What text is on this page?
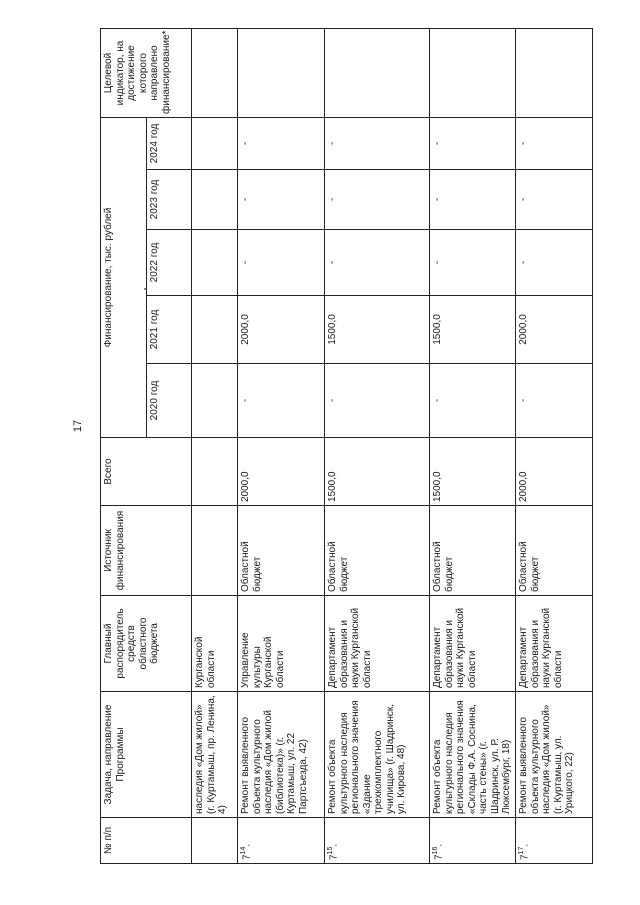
17
№ п/п	Задача, направление Программы	Главный распорядитель средств областного бюджета	Источник финансирования	Всего	Финансирование, тыс. рублей					Целевой индикатор, на достижение которого направлено финансирование*
					2020 год	2021 год	2022 год	2023 год	2024 год	
	наследия «Дом жилой» (г. Куртамыш, пр. Ленина, 4)	Курганской области								
$7^{14}$.	Ремонт выявленного объекта культурного наследия «Дом жилой (библиотека)» (г. Куртамыш, ул. 22 Партсъезда, 42)	Управление культуры Курганской области	Областной бюджет	2000,0	-	2000,0	-	-	-	
$7^{15}$.	Ремонт объекта культурного наследия регионального значения «Здание трехкомплектного училища» (г. Шадринск, ул. Кирова, 48)	Департамент образования и науки Курганской области	Областной бюджет	1500,0	-	1500,0	-	-	-	
$7^{16}$.	Ремонт объекта культурного наследия регионального значения «Склады Ф.А. Соснина, часть стены» (г. Шадринск, ул. Р. Люксембург, 18)	Департамент образования и науки Курганской области	Областной бюджет	1500,0	-	1500,0	-	-	-	
$7^{17}$.	Ремонт выявленного объекта культурного наследия «Дом жилой» (г. Куртамыш, ул. Урицкого, 22)	Департамент образования и науки Курганской области	Областной бюджет	2000,0	-	2000,0	-	-	-	
